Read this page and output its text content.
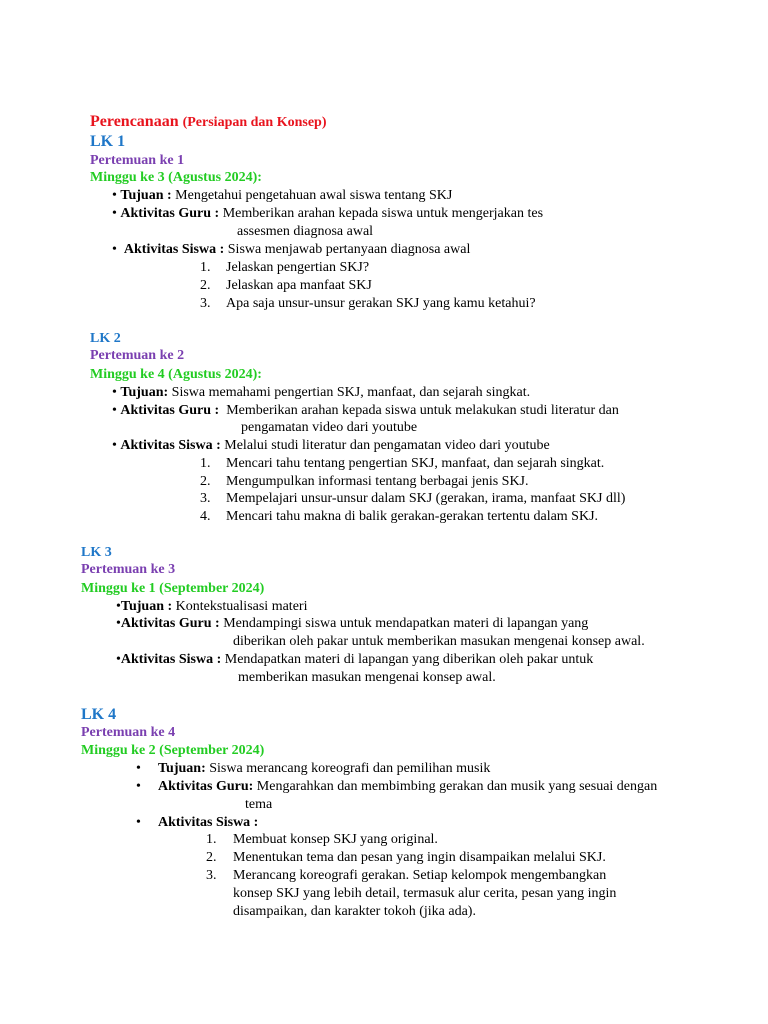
Perencanaan (Persiapan dan Konsep)
LK 1
Pertemuan ke 1
Minggu ke 3 (Agustus 2024):
• Tujuan : Mengetahui pengetahuan awal siswa tentang SKJ
• Aktivitas Guru : Memberikan arahan kepada siswa untuk mengerjakan tes
assesmen diagnosa awal
• Aktivitas Siswa : Siswa menjawab pertanyaan diagnosa awal
1. Jelaskan pengertian SKJ?
2. Jelaskan apa manfaat SKJ
3. Apa saja unsur-unsur gerakan SKJ yang kamu ketahui?
LK 2
Pertemuan ke 2
Minggu ke 4 (Agustus 2024):
• Tujuan: Siswa memahami pengertian SKJ, manfaat, dan sejarah singkat.
• Aktivitas Guru : Memberikan arahan kepada siswa untuk melakukan studi literatur dan
pengamatan video dari youtube
• Aktivitas Siswa : Melalui studi literatur dan pengamatan video dari youtube
1. Mencari tahu tentang pengertian SKJ, manfaat, dan sejarah singkat.
2. Mengumpulkan informasi tentang berbagai jenis SKJ.
3. Mempelajari unsur-unsur dalam SKJ (gerakan, irama, manfaat SKJ dll)
4. Mencari tahu makna di balik gerakan-gerakan tertentu dalam SKJ.
LK 3
Pertemuan ke 3
Minggu ke 1 (September 2024)
•Tujuan : Kontekstualisasi materi
•Aktivitas Guru : Mendampingi siswa untuk mendapatkan materi di lapangan yang
diberikan oleh pakar untuk memberikan masukan mengenai konsep awal.
•Aktivitas Siswa : Mendapatkan materi di lapangan yang diberikan oleh pakar untuk
memberikan masukan mengenai konsep awal.
LK 4
Pertemuan ke 4
Minggu ke 2 (September 2024)
• Tujuan: Siswa merancang koreografi dan pemilihan musik
• Aktivitas Guru: Mengarahkan dan membimbing gerakan dan musik yang sesuai dengan
tema
• Aktivitas Siswa :
1. Membuat konsep SKJ yang original.
2. Menentukan tema dan pesan yang ingin disampaikan melalui SKJ.
3. Merancang koreografi gerakan. Setiap kelompok mengembangkan
konsep SKJ yang lebih detail, termasuk alur cerita, pesan yang ingin
disampaikan, dan karakter tokoh (jika ada).
